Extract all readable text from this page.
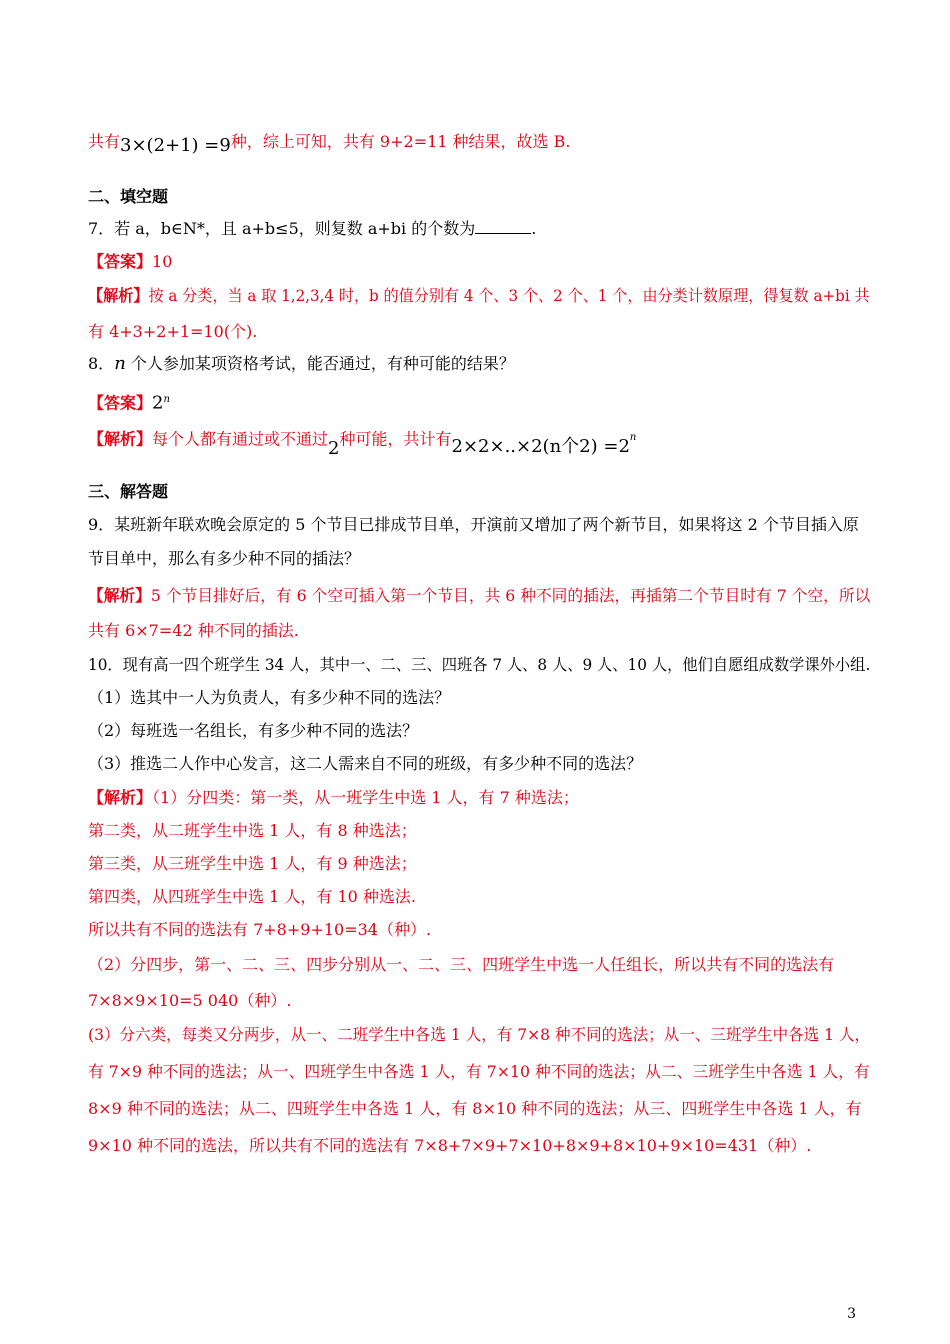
共有3×(2+1) =9种，综上可知，共有 9+2=11 种结果，故选 B.
二、填空题
7．若 a，b∈N*，且 a+b≤5，则复数 a+bi 的个数为	.
【答案】10
【解析】按 a 分类，当 a 取 1,2,3,4 时，b 的值分别有 4 个、3 个、2 个、1 个，由分类计数原理，得复数 a+bi 共
有 4+3+2+1=10(个).
8．n 个人参加某项资格考试，能否通过，有种可能的结果？
【答案】2$^n$
【解析】每个人都有通过或不通过2种可能，共计有2×2×..×2(n个$2) =2^n$
三、解答题
9．某班新年联欢晚会原定的 5 个节目已排成节目单，开演前又增加了两个新节目，如果将这 2 个节目插入原
节目单中，那么有多少种不同的插法？
【解析】5 个节目排好后，有 6 个空可插入第一个节目，共 6 种不同的插法，再插第二个节目时有 7 个空，所以
共有 6×7=42 种不同的插法.
10．现有高一四个班学生 34 人，其中一、二、三、四班各 7 人、8 人、9 人、10 人，他们自愿组成数学课外小组.
（1）选其中一人为负责人，有多少种不同的选法？
（2）每班选一名组长，有多少种不同的选法？
（3）推选二人作中心发言，这二人需来自不同的班级，有多少种不同的选法？
【解析】（1）分四类：第一类，从一班学生中选 1 人，有 7 种选法；
第二类，从二班学生中选 1 人，有 8 种选法；
第三类，从三班学生中选 1 人，有 9 种选法；
第四类，从四班学生中选 1 人，有 10 种选法.
所以共有不同的选法有 7+8+9+10=34（种）.
（2）分四步，第一、二、三、四步分别从一、二、三、四班学生中选一人任组长，所以共有不同的选法有
7×8×9×10=5 040（种）.
(3）分六类，每类又分两步，从一、二班学生中各选 1 人，有 7×8 种不同的选法；从一、三班学生中各选 1 人，
有 7×9 种不同的选法；从一、四班学生中各选 1 人，有 7×10 种不同的选法；从二、三班学生中各选 1 人，有
8×9 种不同的选法；从二、四班学生中各选 1 人，有 8×10 种不同的选法；从三、四班学生中各选 1 人，有
9×10 种不同的选法，所以共有不同的选法有 7×8+7×9+7×10+8×9+8×10+9×10=431（种）.
3
